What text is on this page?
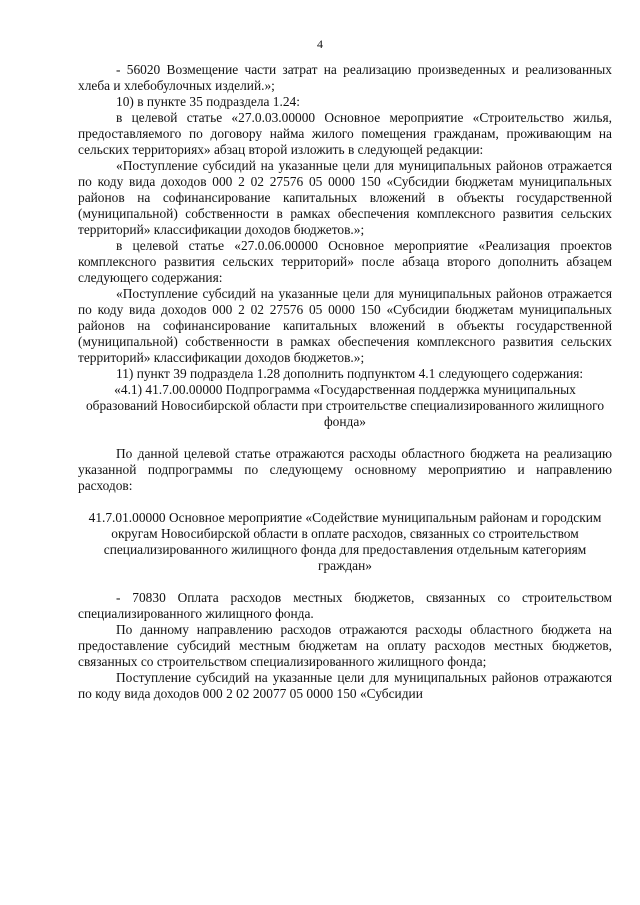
4

- 56020 Возмещение части затрат на реализацию произведенных и реализованных хлеба и хлебобулочных изделий.»;

10) в пункте 35 подраздела 1.24:

в целевой статье «27.0.03.00000 Основное мероприятие «Строительство жилья, предоставляемого по договору найма жилого помещения гражданам, проживающим на сельских территориях» абзац второй изложить в следующей редакции:

«Поступление субсидий на указанные цели для муниципальных районов отражается по коду вида доходов 000 2 02 27576 05 0000 150 «Субсидии бюджетам муниципальных районов на софинансирование капитальных вложений в объекты государственной (муниципальной) собственности в рамках обеспечения комплексного развития сельских территорий» классификации доходов бюджетов.»;

в целевой статье «27.0.06.00000 Основное мероприятие «Реализация проектов комплексного развития сельских территорий» после абзаца второго дополнить абзацем следующего содержания:

«Поступление субсидий на указанные цели для муниципальных районов отражается по коду вида доходов 000 2 02 27576 05 0000 150 «Субсидии бюджетам муниципальных районов на софинансирование капитальных вложений в объекты государственной (муниципальной) собственности в рамках обеспечения комплексного развития сельских территорий» классификации доходов бюджетов.»;

11) пункт 39 подраздела 1.28 дополнить подпунктом 4.1 следующего содержания:

«4.1) 41.7.00.00000 Подпрограмма «Государственная поддержка муниципальных образований Новосибирской области при строительстве специализированного жилищного фонда»

По данной целевой статье отражаются расходы областного бюджета на реализацию указанной подпрограммы по следующему основному мероприятию и направлению расходов:

41.7.01.00000 Основное мероприятие «Содействие муниципальным районам и городским округам Новосибирской области в оплате расходов, связанных со строительством специализированного жилищного фонда для предоставления отдельным категориям граждан»

- 70830 Оплата расходов местных бюджетов, связанных со строительством специализированного жилищного фонда.

По данному направлению расходов отражаются расходы областного бюджета на предоставление субсидий местным бюджетам на оплату расходов местных бюджетов, связанных со строительством специализированного жилищного фонда;

Поступление субсидий на указанные цели для муниципальных районов отражаются по коду вида доходов 000 2 02 20077 05 0000 150 «Субсидии
